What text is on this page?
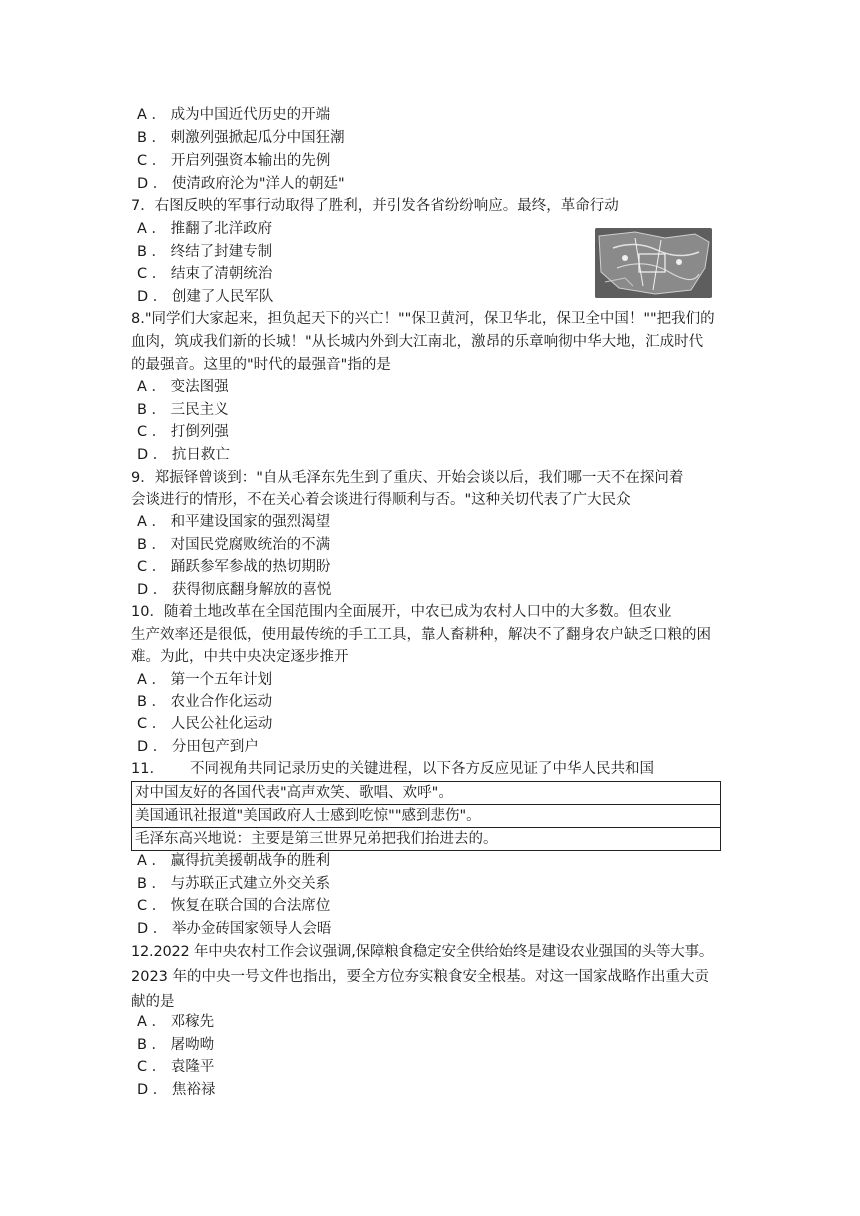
A ． 成为中国近代历史的开端
B ． 刺激列强掀起瓜分中国狂潮
C ． 开启列强资本输出的先例
D ． 使清政府沦为"洋人的朝廷"
7．右图反映的军事行动取得了胜利，并引发各省纷纷响应。最终，革命行动
A ． 推翻了北洋政府
B ． 终结了封建专制
C ． 结束了清朝统治
D ． 创建了人民军队
8."同学们大家起来，担负起天下的兴亡！""保卫黄河，保卫华北，保卫全中国！""把我们的
血肉，筑成我们新的长城！"从长城内外到大江南北，激昂的乐章响彻中华大地，汇成时代
的最强音。这里的"时代的最强音"指的是
A ． 变法图强
B ． 三民主义
C ． 打倒列强
D ． 抗日救亡
9．郑振铎曾谈到："自从毛泽东先生到了重庆、开始会谈以后，我们哪一天不在探问着
会谈进行的情形，不在关心着会谈进行得顺利与否。"这种关切代表了广大民众
A ． 和平建设国家的强烈渴望
B ． 对国民党腐败统治的不满
C ． 踊跃参军参战的热切期盼
D ． 获得彻底翻身解放的喜悦
10．随着土地改革在全国范围内全面展开，中农已成为农村人口中的大多数。但农业
生产效率还是很低，使用最传统的手工工具，靠人畜耕种，解决不了翻身农户缺乏口粮的困
难。为此，中共中央决定逐步推开
A ． 第一个五年计划
B ． 农业合作化运动
C ． 人民公社化运动
D ． 分田包产到户
11. 不同视角共同记录历史的关键进程，以下各方反应见证了中华人民共和国
对中国友好的各国代表"高声欢笑、歌唱、欢呼"。
美国通讯社报道"美国政府人士感到吃惊""感到悲伤"。
毛泽东高兴地说：主要是第三世界兄弟把我们抬进去的。
A ． 赢得抗美援朝战争的胜利
B ． 与苏联正式建立外交关系
C ． 恢复在联合国的合法席位
D ． 举办金砖国家领导人会晤
12.2022 年中央农村工作会议强调,保障粮食稳定安全供给始终是建设农业强国的头等大事。
2023 年的中央一号文件也指出，要全方位夯实粮食安全根基。对这一国家战略作出重大贡
献的是
A ． 邓稼先
B ． 屠呦呦
C ． 袁隆平
D ． 焦裕禄
